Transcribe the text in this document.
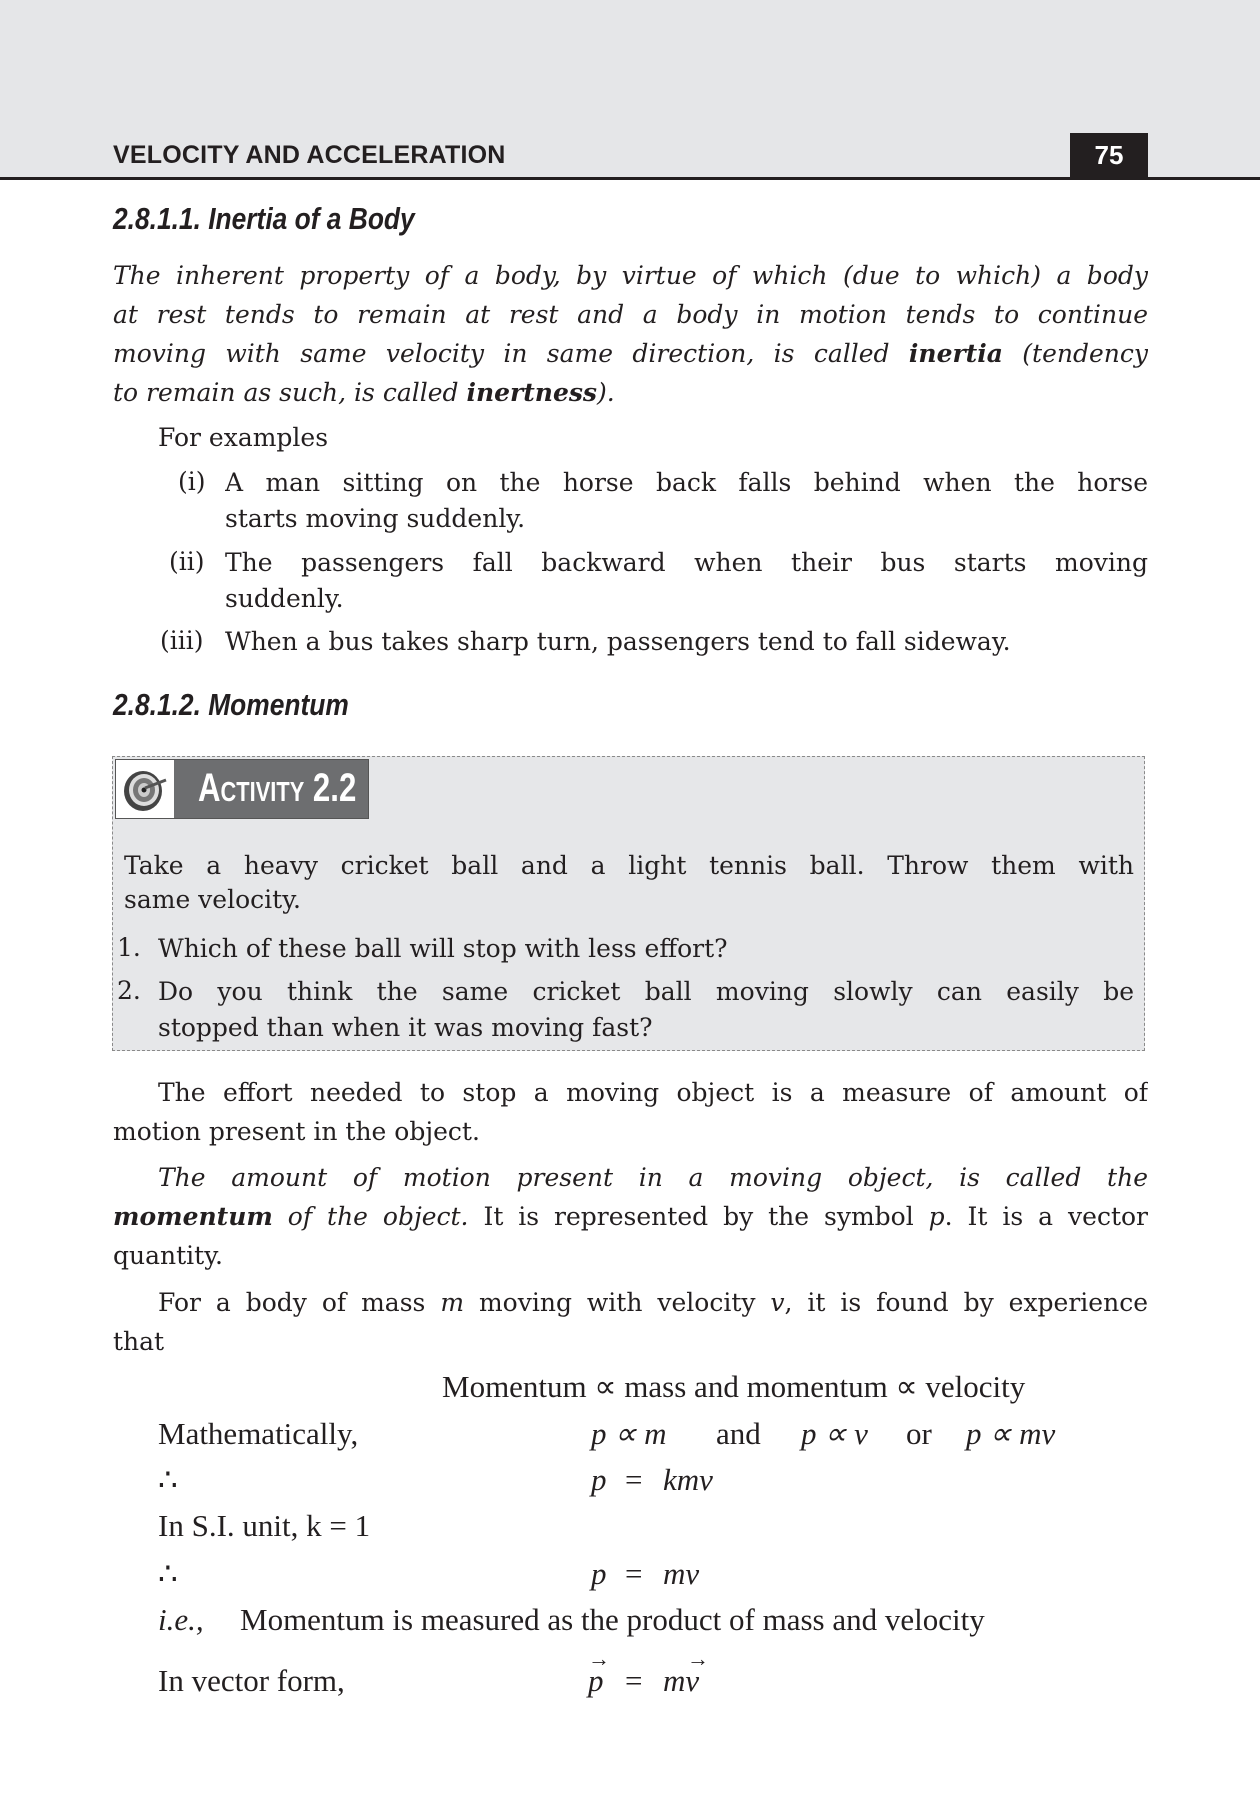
VELOCITY AND ACCELERATION	75
2.8.1.1. Inertia of a Body
The inherent property of a body, by virtue of which (due to which) a body
at rest tends to remain at rest and a body in motion tends to continue
moving with same velocity in same direction, is called inertia (tendency
to remain as such, is called inertness).
For examples
(i) A man sitting on the horse back falls behind when the horse
starts moving suddenly.
(ii) The passengers fall backward when their bus starts moving
suddenly.
(iii) When a bus takes sharp turn, passengers tend to fall sideway.
2.8.1.2. Momentum
Activity 2.2
Take a heavy cricket ball and a light tennis ball. Throw them with
same velocity.
1. Which of these ball will stop with less effort?
2. Do you think the same cricket ball moving slowly can easily be
stopped than when it was moving fast?
The effort needed to stop a moving object is a measure of amount of
motion present in the object.
The amount of motion present in a moving object, is called the
momentum of the object. It is represented by the symbol p. It is a vector
quantity.
For a body of mass m moving with velocity v, it is found by experience
that
Momentum ∝ mass and momentum ∝ velocity
Mathematically,	p ∝ m and p ∝ v or p ∝ mv
∴	p = kmv
In S.I. unit, k = 1
∴	p = mv
i.e., Momentum is measured as the product of mass and velocity
In vector form,
→
p =
→
mv
